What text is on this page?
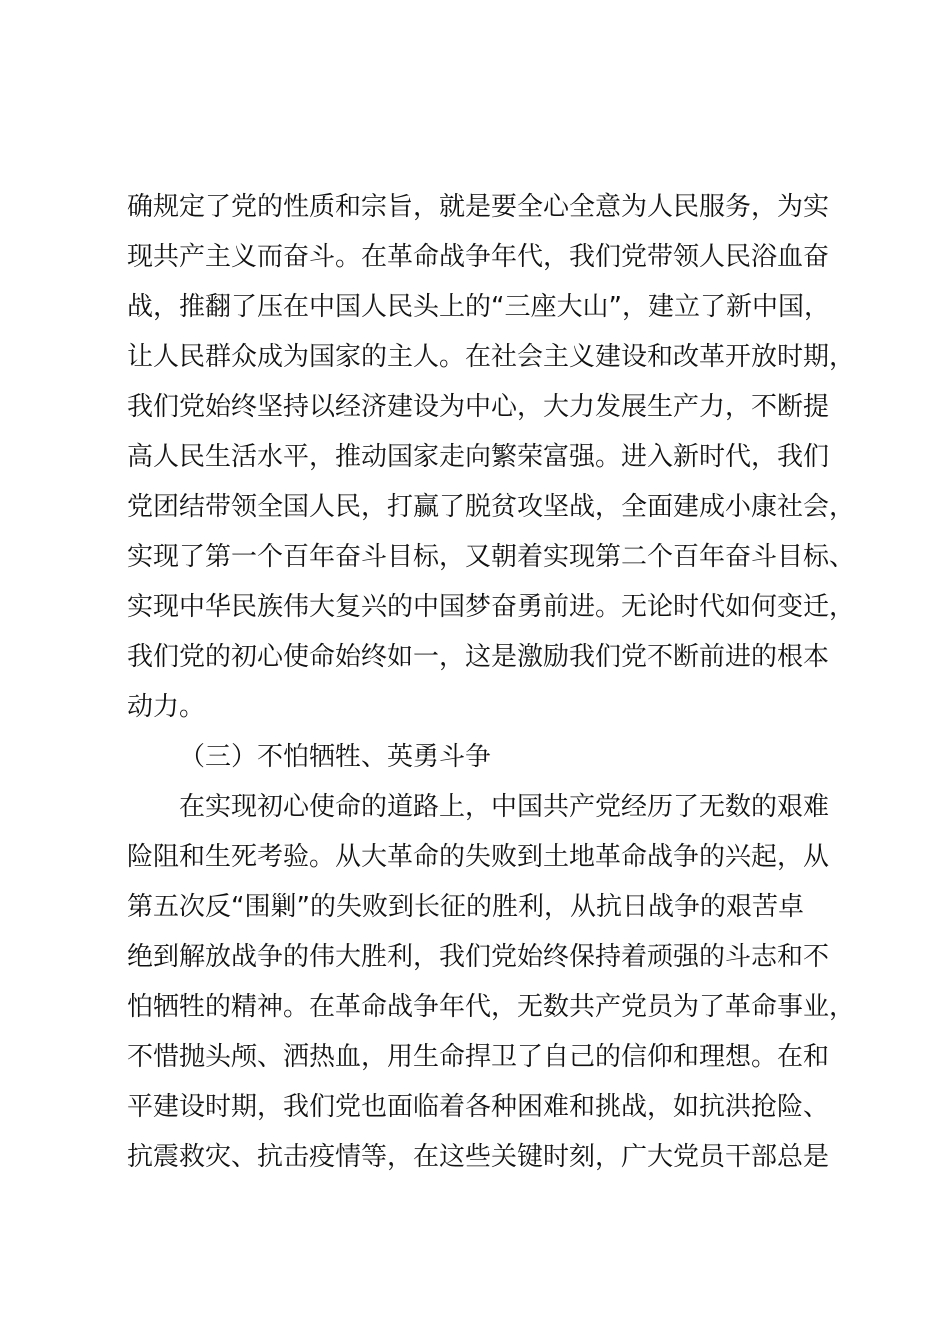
确规定了党的性质和宗旨，就是要全心全意为人民服务，为实
现共产主义而奋斗。在革命战争年代，我们党带领人民浴血奋
战，推翻了压在中国人民头上的“三座大山”，建立了新中国，
让人民群众成为国家的主人。在社会主义建设和改革开放时期，
我们党始终坚持以经济建设为中心，大力发展生产力，不断提
高人民生活水平，推动国家走向繁荣富强。进入新时代，我们
党团结带领全国人民，打赢了脱贫攻坚战，全面建成小康社会，
实现了第一个百年奋斗目标，又朝着实现第二个百年奋斗目标、
实现中华民族伟大复兴的中国梦奋勇前进。无论时代如何变迁，
我们党的初心使命始终如一，这是激励我们党不断前进的根本
动力。
（三）不怕牺牲、英勇斗争
在实现初心使命的道路上，中国共产党经历了无数的艰难
险阻和生死考验。从大革命的失败到土地革命战争的兴起，从
第五次反“围剿”的失败到长征的胜利，从抗日战争的艰苦卓
绝到解放战争的伟大胜利，我们党始终保持着顽强的斗志和不
怕牺牲的精神。在革命战争年代，无数共产党员为了革命事业，
不惜抛头颅、洒热血，用生命捍卫了自己的信仰和理想。在和
平建设时期，我们党也面临着各种困难和挑战，如抗洪抢险、
抗震救灾、抗击疫情等，在这些关键时刻，广大党员干部总是
